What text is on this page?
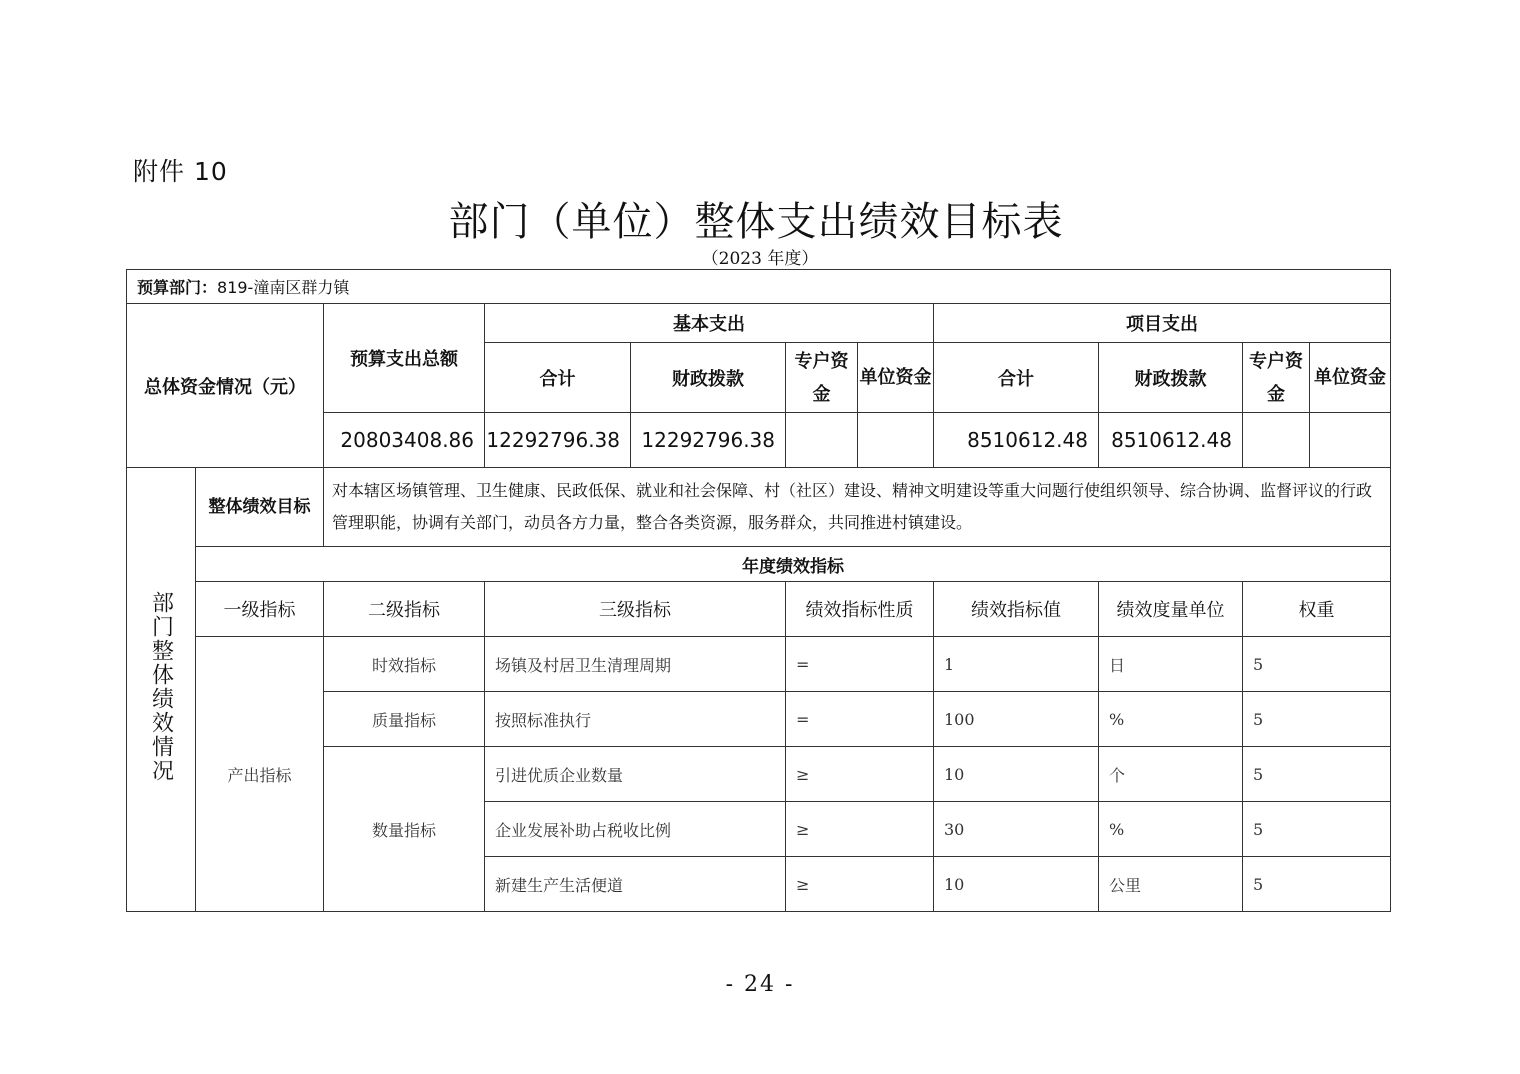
附件 10
部门（单位）整体支出绩效目标表
（2023 年度）
预算部门：819-潼南区群力镇										
总体资金情况（元）		预算支出总额	基本支出				项目支出			
			合计	财政拨款	专户资金	单位资金	合计	财政拨款	专户资金	单位资金
		20803408.86	12292796.38	12292796.38			8510612.48	8510612.48		
部门整体绩效情况	整体绩效目标	对本辖区场镇管理、卫生健康、民政低保、就业和社会保障、村（社区）建设、精神文明建设等重大问题行使组织领导、综合协调、监督评议的行政管理职能，协调有关部门，动员各方力量，整合各类资源，服务群众，共同推进村镇建设。								
	年度绩效指标									
	一级指标	二级指标	三级指标		绩效指标性质		绩效指标值	绩效度量单位	权重	
	产出指标	时效指标	场镇及村居卫生清理周期		=		1	日	5	
		质量指标	按照标准执行		=		100	%	5	
		数量指标	引进优质企业数量		≥		10	个	5	
			企业发展补助占税收比例		≥		30	%	5	
			新建生产生活便道		≥		10	公里	5	
- 24 -
